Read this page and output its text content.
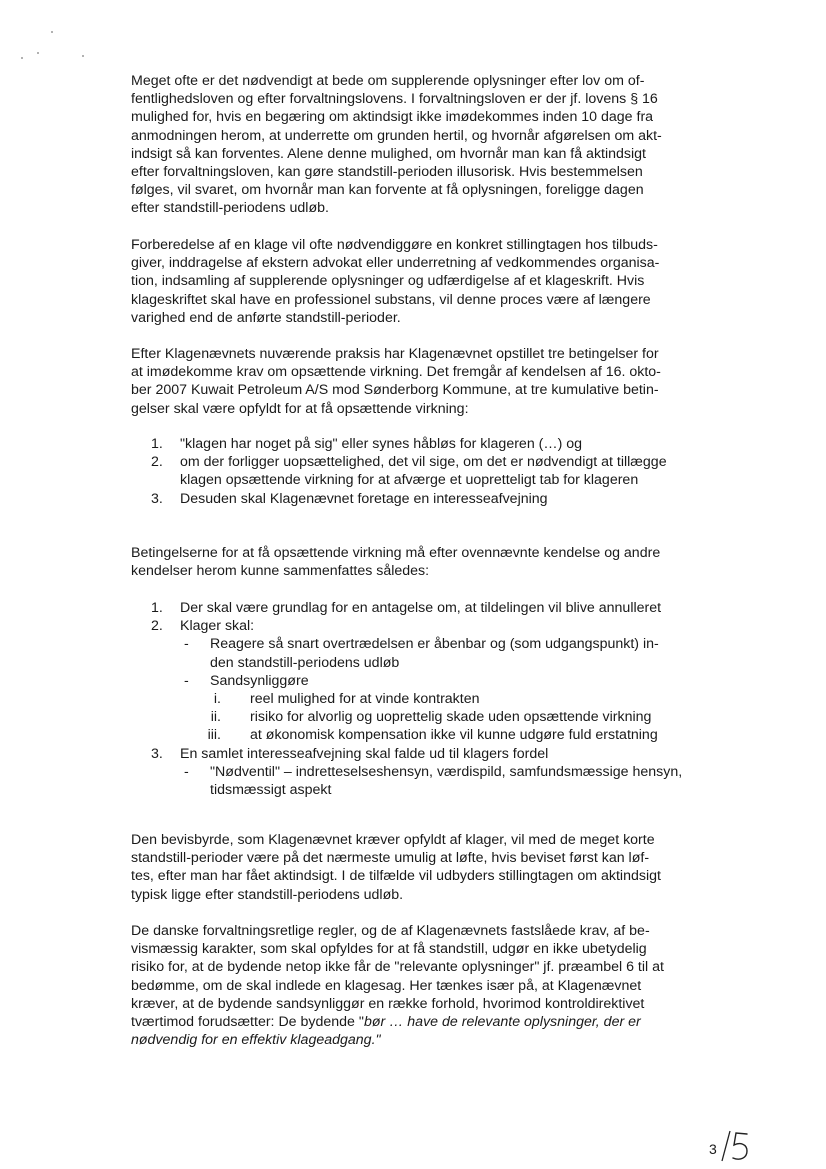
Meget ofte er det nødvendigt at bede om supplerende oplysninger efter lov om of-
fentlighedsloven og efter forvaltningslovens. I forvaltningsloven er der jf. lovens § 16
mulighed for, hvis en begæring om aktindsigt ikke imødekommes inden 10 dage fra
anmodningen herom, at underrette om grunden hertil, og hvornår afgørelsen om akt-
indsigt så kan forventes. Alene denne mulighed, om hvornår man kan få aktindsigt
efter forvaltningsloven, kan gøre standstill-perioden illusorisk. Hvis bestemmelsen
følges, vil svaret, om hvornår man kan forvente at få oplysningen, foreligge dagen
efter standstill-periodens udløb.

Forberedelse af en klage vil ofte nødvendiggøre en konkret stillingtagen hos tilbuds-
giver, inddragelse af ekstern advokat eller underretning af vedkommendes organisa-
tion, indsamling af supplerende oplysninger og udfærdigelse af et klageskrift. Hvis
klageskriftet skal have en professionel substans, vil denne proces være af længere
varighed end de anførte standstill-perioder.

Efter Klagenævnets nuværende praksis har Klagenævnet opstillet tre betingelser for
at imødekomme krav om opsættende virkning. Det fremgår af kendelsen af 16. okto-
ber 2007 Kuwait Petroleum A/S mod Sønderborg Kommune, at tre kumulative betin-
gelser skal være opfyldt for at få opsættende virkning:

1. "klagen har noget på sig" eller synes håbløs for klageren (…) og
2. om der forligger uopsættelighed, det vil sige, om det er nødvendigt at tillægge
klagen opsættende virkning for at afværge et uopretteligt tab for klageren
3. Desuden skal Klagenævnet foretage en interesseafvejning

Betingelserne for at få opsættende virkning må efter ovennævnte kendelse og andre
kendelser herom kunne sammenfattes således:

1. Der skal være grundlag for en antagelse om, at tildelingen vil blive annulleret
2. Klager skal:
- Reagere så snart overtrædelsen er åbenbar og (som udgangspunkt) in-
den standstill-periodens udløb
- Sandsynliggøre
i. reel mulighed for at vinde kontrakten
ii. risiko for alvorlig og uoprettelig skade uden opsættende virkning
iii. at økonomisk kompensation ikke vil kunne udgøre fuld erstatning
3. En samlet interesseafvejning skal falde ud til klagers fordel
- "Nødventil" – indretteselseshensyn, værdispild, samfundsmæssige hensyn,
tidsmæssigt aspekt

Den bevisbyrde, som Klagenævnet kræver opfyldt af klager, vil med de meget korte
standstill-perioder være på det nærmeste umulig at løfte, hvis beviset først kan løf-
tes, efter man har fået aktindsigt. I de tilfælde vil udbyders stillingtagen om aktindsigt
typisk ligge efter standstill-periodens udløb.

De danske forvaltningsretlige regler, og de af Klagenævnets fastslåede krav, af be-
vismæssig karakter, som skal opfyldes for at få standstill, udgør en ikke ubetydelig
risiko for, at de bydende netop ikke får de "relevante oplysninger" jf. præambel 6 til at
bedømme, om de skal indlede en klagesag. Her tænkes især på, at Klagenævnet
kræver, at de bydende sandsynliggør en række forhold, hvorimod kontroldirektivet
tværtimod forudsætter: De bydende "bør … have de relevante oplysninger, der er
nødvendig for en effektiv klageadgang."

3
